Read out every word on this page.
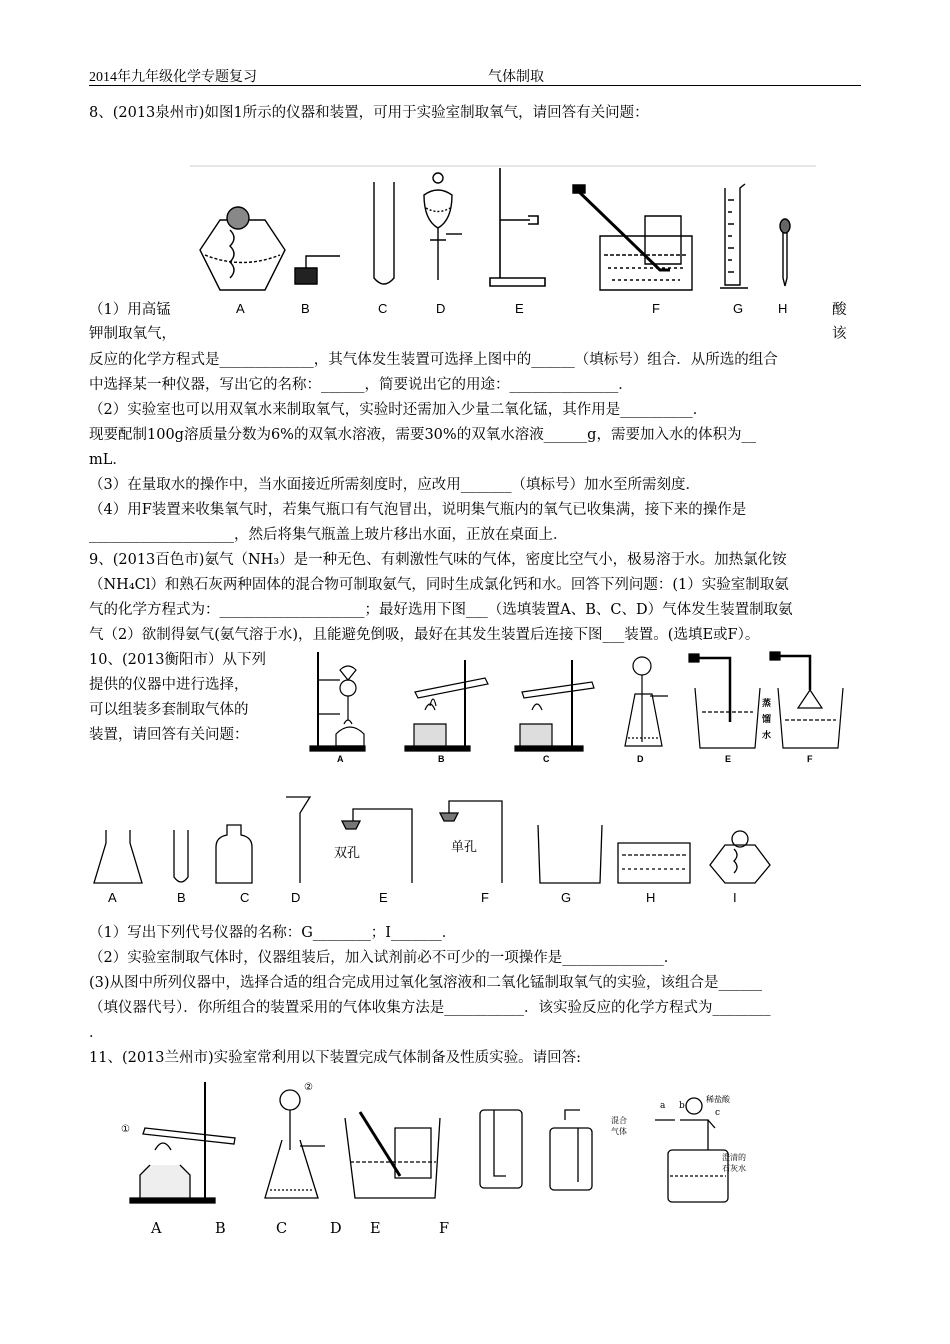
2014年九年级化学专题复习	气体制取
8、(2013泉州市)如图1所示的仪器和装置，可用于实验室制取氧气，请回答有关问题：
A	B	C	D	E	F	G	H
（1）用高锰
钾制取氧气，
酸
该
反应的化学方程式是_____________，其气体发生装置可选择上图中的______（填标号）组合．从所选的组合
中选择某一种仪器，写出它的名称：______，简要说出它的用途：_______________．
（2）实验室也可以用双氧水来制取氧气，实验时还需加入少量二氧化锰，其作用是__________．
现要配制100g溶质量分数为6%的双氧水溶液，需要30%的双氧水溶液______g，需要加入水的体积为__
mL．
（3）在量取水的操作中，当水面接近所需刻度时，应改用_______（填标号）加水至所需刻度．
（4）用F装置来收集氧气时，若集气瓶口有气泡冒出，说明集气瓶内的氧气已收集满，接下来的操作是
____________________，然后将集气瓶盖上玻片移出水面，正放在桌面上．
9、(2013百色市)氨气（NH₃）是一种无色、有刺激性气味的气体，密度比空气小，极易溶于水。加热氯化铵
（NH₄Cl）和熟石灰两种固体的混合物可制取氨气，同时生成氯化钙和水。回答下列问题：(1）实验室制取氨
气的化学方程式为：____________________；最好选用下图___（选填装置A、B、C、D）气体发生装置制取氨
气（2）欲制得氨气(氨气溶于水)，且能避免倒吸，最好在其发生装置后连接下图___装置。(选填E或F）。
10、(2013衡阳市）从下列
提供的仪器中进行选择，
可以组装多套制取气体的
装置，请回答有关问题：
A	B	C	D	E	F
蒸
馏
水
双孔	单孔
A	B	C	D	E	F	G	H	I
（1）写出下列代号仪器的名称：G________；I_______．
（2）实验室制取气体时，仪器组装后，加入试剂前必不可少的一项操作是______________．
(3)从图中所列仪器中，选择合适的组合完成用过氧化氢溶液和二氧化锰制取氧气的实验，该组合是______
（填仪器代号）．你所组合的装置采用的气体收集方法是___________．该实验反应的化学方程式为________
．
11、(2013兰州市)实验室常利用以下装置完成气体制备及性质实验。请回答:
①
②
稀盐酸
混合
气体
澄清的
石灰水
a b
c
A	B	C	D E	F
